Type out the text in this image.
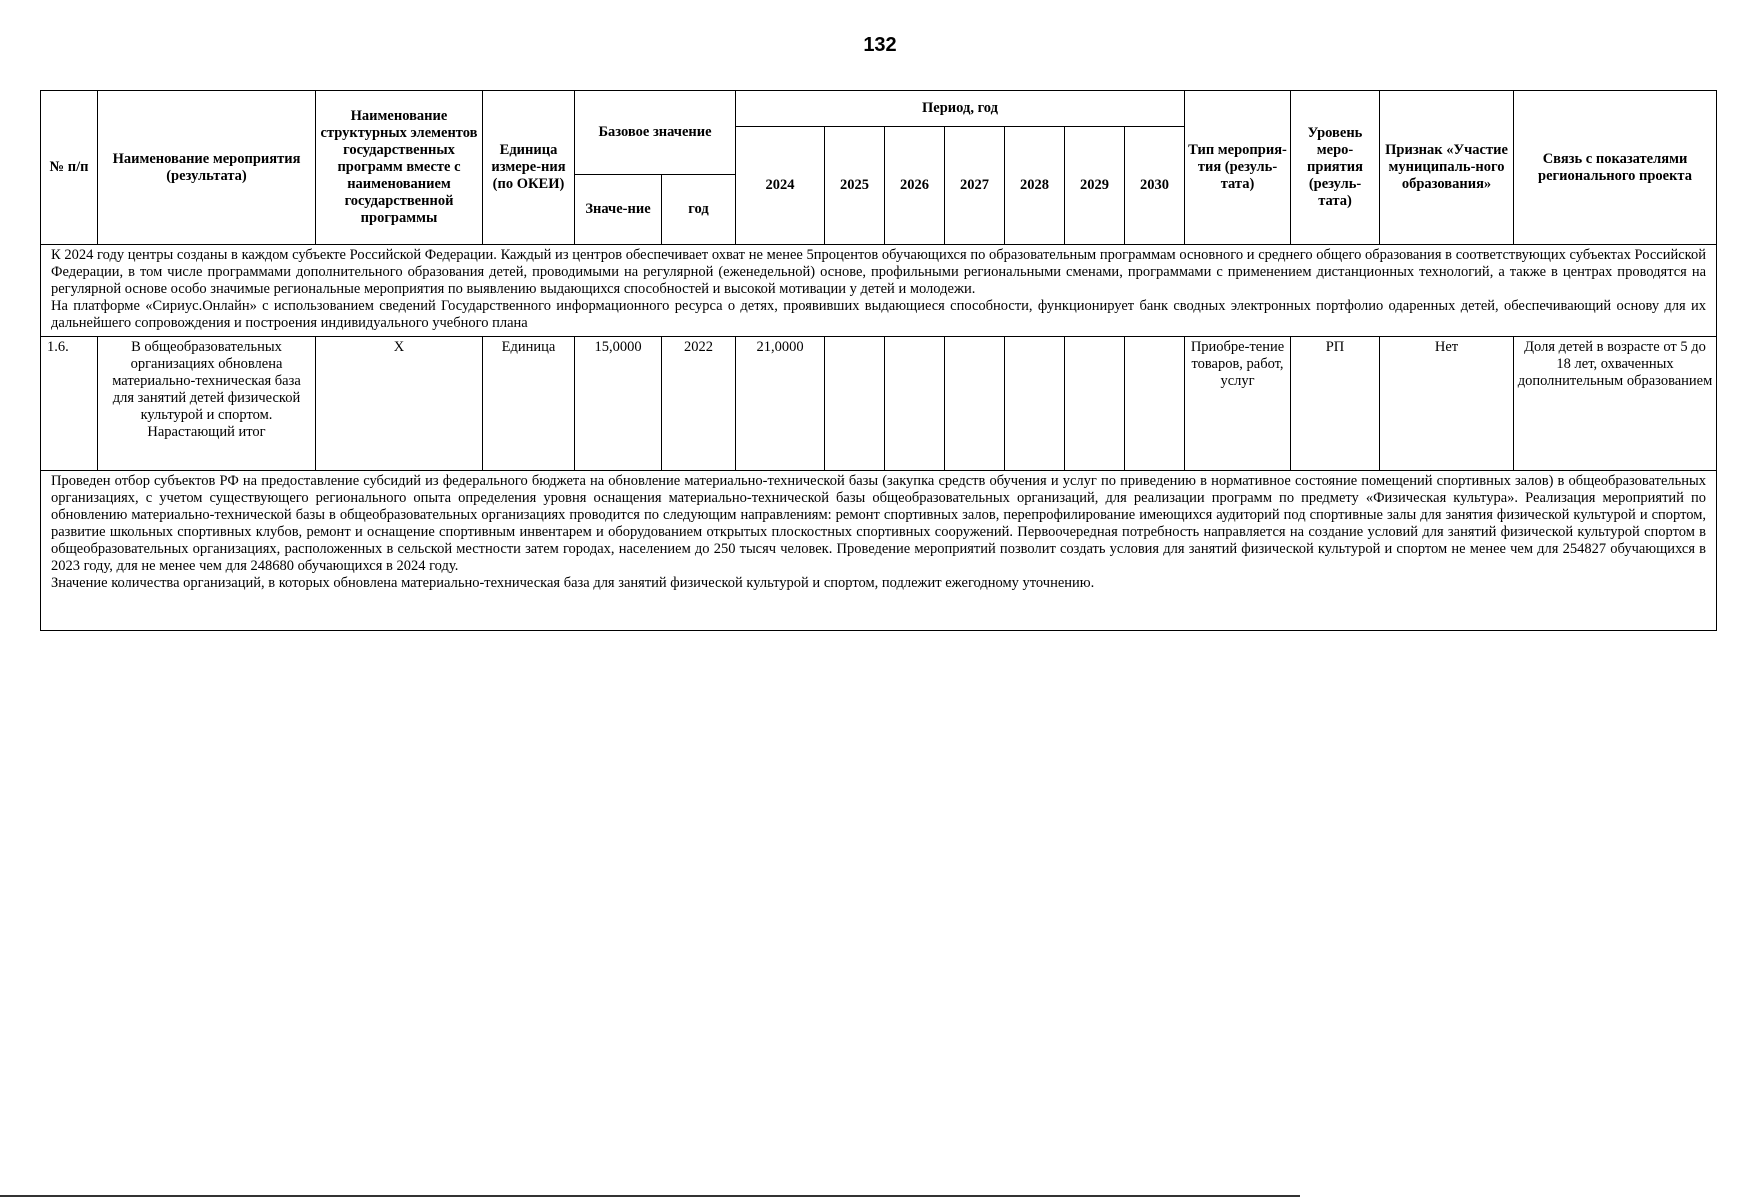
132
№ п/п	Наименование мероприятия (результата)	Наименование структурных элементов государственных программ вместе с наименованием государственной программы	Единица измере-ния (по ОКЕИ)	Базовое значение		Период, год							Тип мероприя-тия (резуль-тата)	Уровень меро-приятия (резуль-тата)	Признак «Участие муниципаль-ного образования»	Связь с показателями регионального проекта
						2024	2025	2026	2027	2028	2029	2030				
				Значе-ние	год											

К 2024 году центры созданы в каждом субъекте Российской Федерации. Каждый из центров обеспечивает охват не менее 5процентов обучающихся по образовательным программам основного и среднего общего образования в соответствующих субъектах Российской Федерации, в том числе программами дополнительного образования детей, проводимыми на регулярной (еженедельной) основе, профильными региональными сменами, программами с применением дистанционных технологий, а также в центрах проводятся на регулярной основе особо значимые региональные мероприятия по выявлению выдающихся способностей и высокой мотивации у детей и молодежи.

На платформе «Сириус.Онлайн» с использованием сведений Государственного информационного ресурса о детях, проявивших выдающиеся способности, функционирует банк сводных электронных портфолио одаренных детей, обеспечивающий основу для их дальнейшего сопровождения и построения индивидуального учебного плана																

1.6.	В общеобразовательных организациях обновлена материально-техническая база для занятий детей физической культурой и спортом. Нарастающий итог	X	Единица	15,0000	2022	21,0000							Приобре-тение товаров, работ, услуг	РП	Нет	Доля детей в возрасте от 5 до 18 лет, охваченных дополнительным образованием

Проведен отбор субъектов РФ на предоставление субсидий из федерального бюджета на обновление материально-технической базы (закупка средств обучения и услуг по приведению в нормативное состояние помещений спортивных залов) в общеобразовательных организациях, с учетом существующего регионального опыта определения уровня оснащения материально-технической базы общеобразовательных организаций, для реализации программ по предмету «Физическая культура». Реализация мероприятий по обновлению материально-технической базы в общеобразовательных организациях проводится по следующим направлениям: ремонт спортивных залов, перепрофилирование имеющихся аудиторий под спортивные залы для занятия физической культурой и спортом, развитие школьных спортивных клубов, ремонт и оснащение спортивным инвентарем и оборудованием открытых плоскостных спортивных сооружений. Первоочередная потребность направляется на создание условий для занятий физической культурой спортом в общеобразовательных организациях, расположенных в сельской местности затем городах, населением до 250 тысяч человек. Проведение мероприятий позволит создать условия для занятий физической культурой и спортом не менее чем для 254827 обучающихся в 2023 году, для не менее чем для 248680 обучающихся в 2024 году.

Значение количества организаций, в которых обновлена материально-техническая база для занятий физической культурой и спортом, подлежит ежегодному уточнению.																
